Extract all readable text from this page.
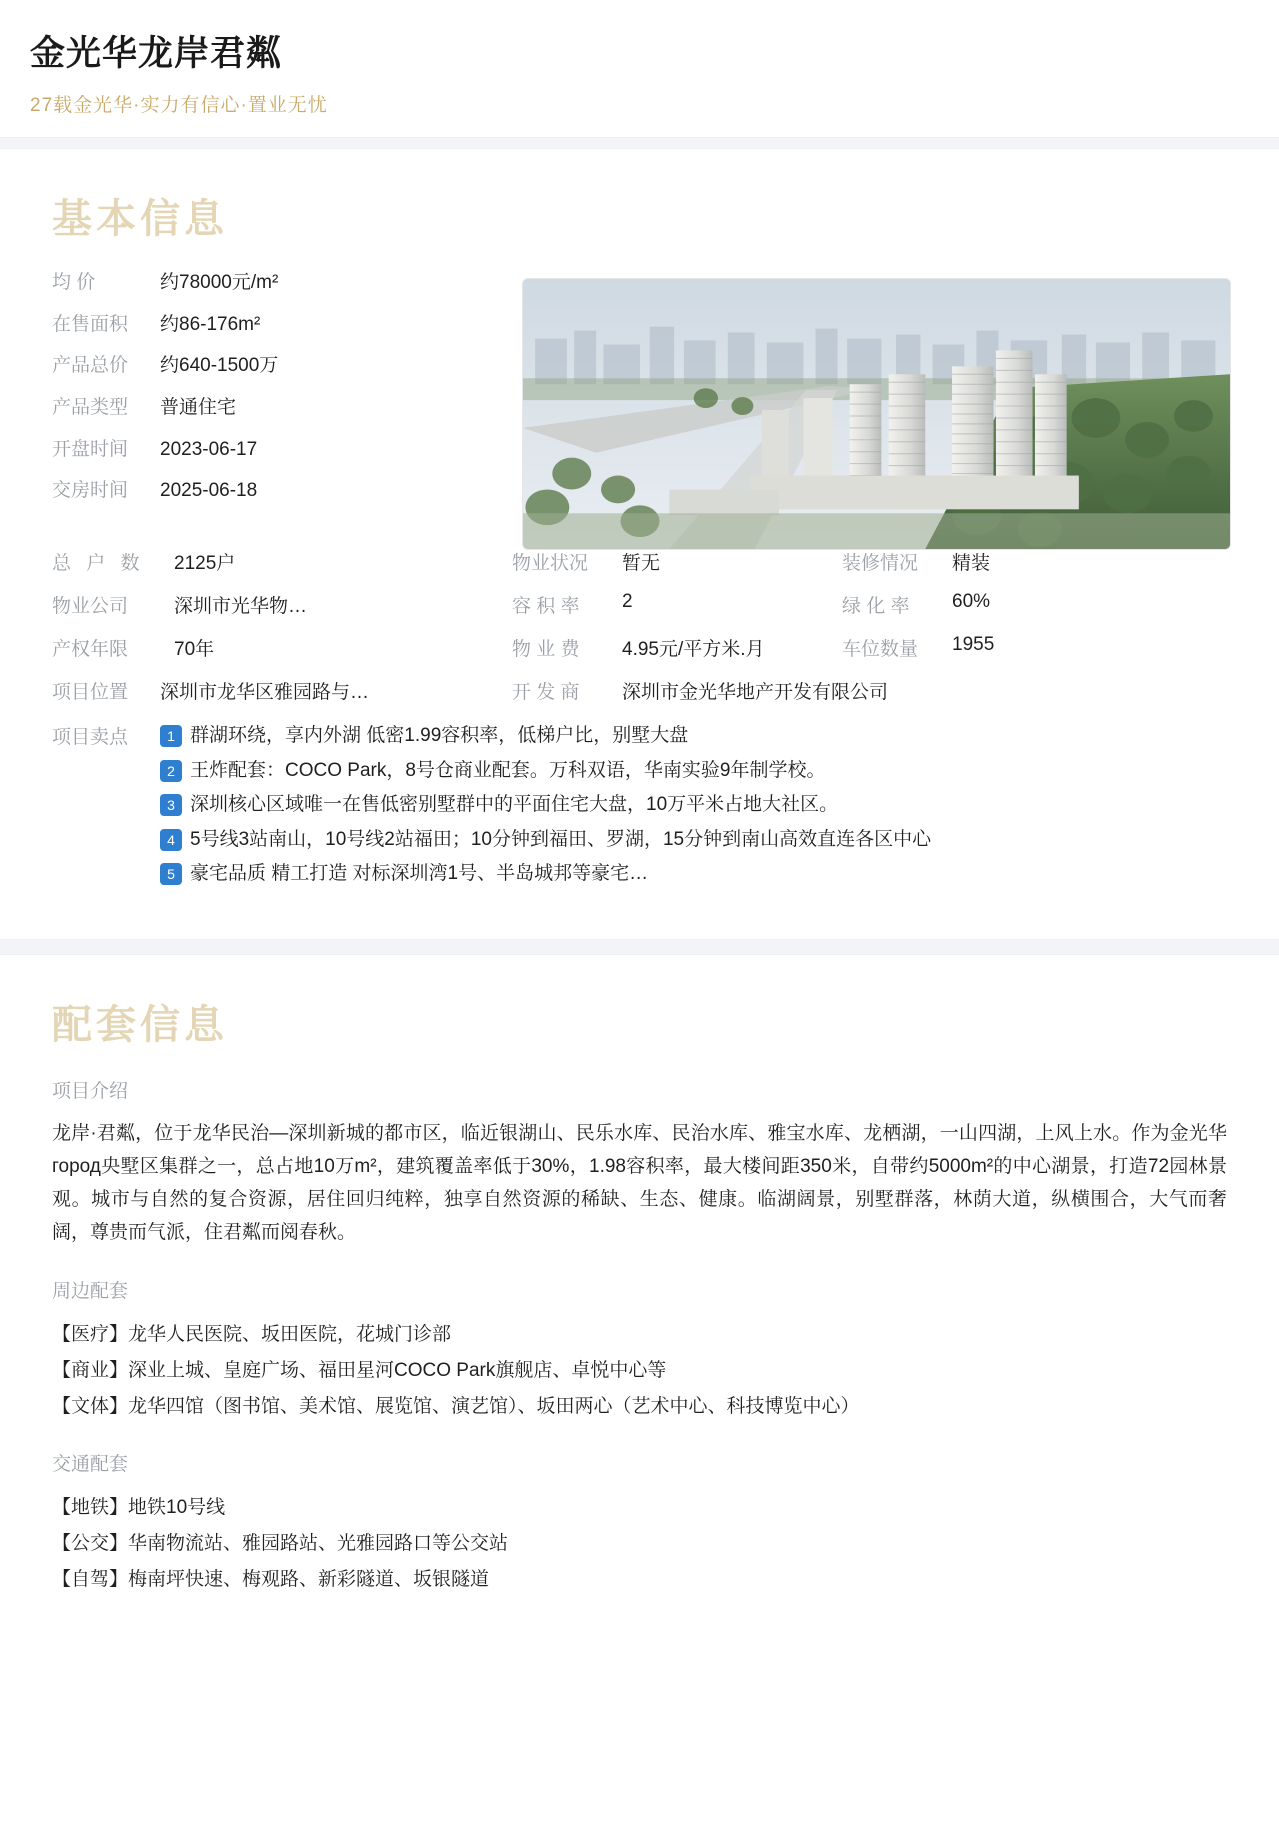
金光华龙岸君粼
27载金光华·实力有信心·置业无忧
基本信息
均 价	约78000元/m²
在售面积	约86-176m²
产品总价	约640-1500万
产品类型	普通住宅
开盘时间	2023-06-17
交房时间	2025-06-18
总 户 数	2125户	物业状况	暂无	装修情况	精装
物业公司	深圳市光华物…	容 积 率	2	绿 化 率	60%
产权年限	70年	物 业 费	4.95元/平方米.月	车位数量	1955
项目位置	深圳市龙华区雅园路与…	开 发 商	深圳市金光华地产开发有限公司
项目卖点	1 群湖环绕，享内外湖 低密1.99容积率，低梯户比，别墅大盘
2 王炸配套：COCO Park，8号仓商业配套。万科双语，华南实验9年制学校。
3 深圳核心区域唯一在售低密别墅群中的平面住宅大盘，10万平米占地大社区。
4 5号线3站南山，10号线2站福田；10分钟到福田、罗湖，15分钟到南山高效直连各区中心
5 豪宅品质 精工打造 对标深圳湾1号、半岛城邦等豪宅…
配套信息
项目介绍

龙岸·君粼，位于龙华民治—深圳新城的都市区，临近银湖山、民乐水库、民治水库、雅宝水库、龙栖湖，一山四湖，上风上水。作为金光华город央墅区集群之一，总占地10万m²，建筑覆盖率低于30%，1.98容积率，最大楼间距350米，自带约5000m²的中心湖景，打造72园林景观。城市与自然的复合资源，居住回归纯粹，独享自然资源的稀缺、生态、健康。临湖阔景，别墅群落，林荫大道，纵横围合，大气而奢阔，尊贵而气派，住君粼而阅春秋。

周边配套
【医疗】龙华人民医院、坂田医院，花城门诊部
【商业】深业上城、皇庭广场、福田星河COCO Park旗舰店、卓悦中心等
【文体】龙华四馆（图书馆、美术馆、展览馆、演艺馆）、坂田两心（艺术中心、科技博览中心）
交通配套
【地铁】地铁10号线
【公交】华南物流站、雅园路站、光雅园路口等公交站
【自驾】梅南坪快速、梅观路、新彩隧道、坂银隧道
